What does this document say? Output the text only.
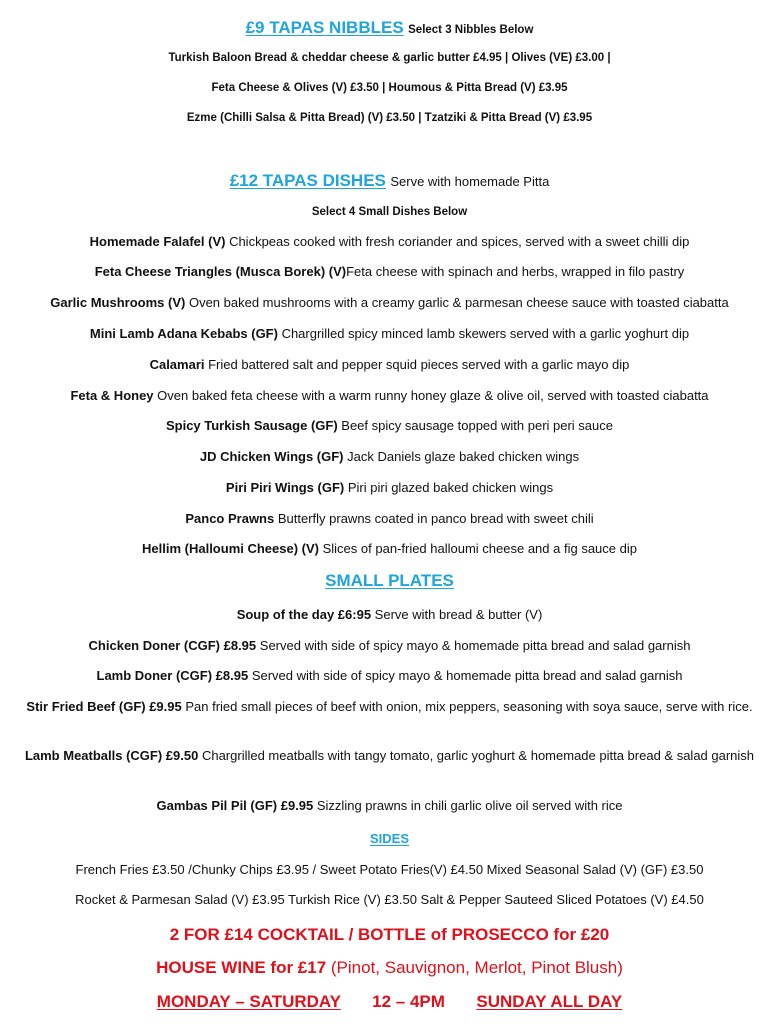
£9 TAPAS NIBBLES Select 3 Nibbles Below
Turkish Baloon Bread & cheddar cheese & garlic butter £4.95 | Olives (VE) £3.00 |
Feta Cheese & Olives (V) £3.50 | Houmous & Pitta Bread (V) £3.95
Ezme (Chilli Salsa & Pitta Bread) (V) £3.50 | Tzatziki & Pitta Bread (V) £3.95
£12 TAPAS DISHES Serve with homemade Pitta
Select 4 Small Dishes Below
Homemade Falafel (V) Chickpeas cooked with fresh coriander and spices, served with a sweet chilli dip
Feta Cheese Triangles (Musca Borek) (V)Feta cheese with spinach and herbs, wrapped in filo pastry
Garlic Mushrooms (V) Oven baked mushrooms with a creamy garlic & parmesan cheese sauce with toasted ciabatta
Mini Lamb Adana Kebabs (GF) Chargrilled spicy minced lamb skewers served with a garlic yoghurt dip
Calamari Fried battered salt and pepper squid pieces served with a garlic mayo dip
Feta & Honey Oven baked feta cheese with a warm runny honey glaze & olive oil, served with toasted ciabatta
Spicy Turkish Sausage (GF) Beef spicy sausage topped with peri peri sauce
JD Chicken Wings (GF) Jack Daniels glaze baked chicken wings
Piri Piri Wings (GF) Piri piri glazed baked chicken wings
Panco Prawns Butterfly prawns coated in panco bread with sweet chili
Hellim (Halloumi Cheese) (V) Slices of pan-fried halloumi cheese and a fig sauce dip
SMALL PLATES
Soup of the day £6:95 Serve with bread & butter (V)
Chicken Doner (CGF) £8.95 Served with side of spicy mayo & homemade pitta bread and salad garnish
Lamb Doner (CGF) £8.95 Served with side of spicy mayo & homemade pitta bread and salad garnish
Stir Fried Beef (GF) £9.95 Pan fried small pieces of beef with onion, mix peppers, seasoning with soya sauce, serve with rice.
Lamb Meatballs (CGF) £9.50 Chargrilled meatballs with tangy tomato, garlic yoghurt & homemade pitta bread & salad garnish
Gambas Pil Pil (GF) £9.95 Sizzling prawns in chili garlic olive oil served with rice
SIDES
French Fries £3.50 /Chunky Chips £3.95 / Sweet Potato Fries(V) £4.50 Mixed Seasonal Salad (V) (GF) £3.50
Rocket & Parmesan Salad (V) £3.95 Turkish Rice (V) £3.50 Salt & Pepper Sauteed Sliced Potatoes (V) £4.50
2 FOR £14 COCKTAIL / BOTTLE of PROSECCO for £20
HOUSE WINE for £17 (Pinot, Sauvignon, Merlot, Pinot Blush)
MONDAY – SATURDAY 12 – 4PM SUNDAY ALL DAY
